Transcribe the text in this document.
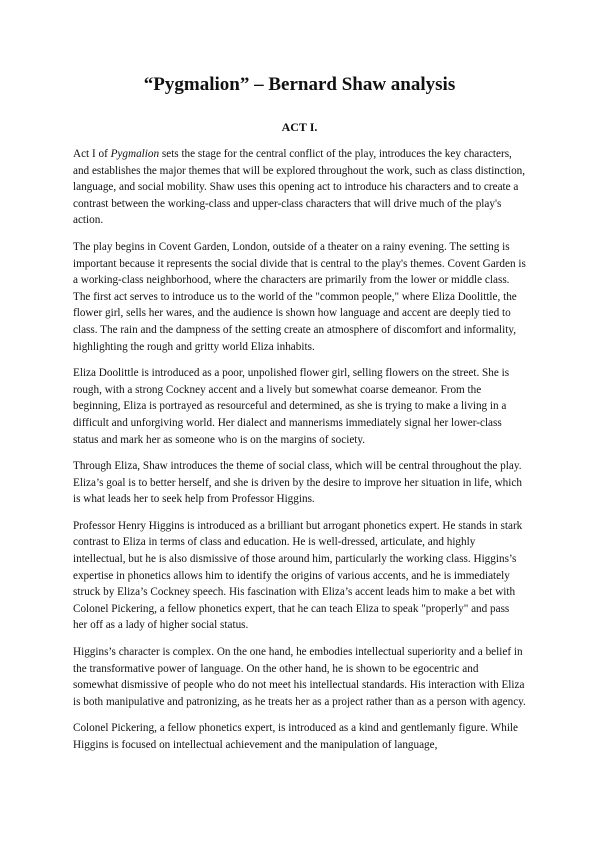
“Pygmalion” – Bernard Shaw analysis
ACT I.

Act I of Pygmalion sets the stage for the central conflict of the play, introduces the key characters, and establishes the major themes that will be explored throughout the work, such as class distinction, language, and social mobility. Shaw uses this opening act to introduce his characters and to create a contrast between the working-class and upper-class characters that will drive much of the play's action.

The play begins in Covent Garden, London, outside of a theater on a rainy evening. The setting is important because it represents the social divide that is central to the play's themes. Covent Garden is a working-class neighborhood, where the characters are primarily from the lower or middle class. The first act serves to introduce us to the world of the "common people," where Eliza Doolittle, the flower girl, sells her wares, and the audience is shown how language and accent are deeply tied to class. The rain and the dampness of the setting create an atmosphere of discomfort and informality, highlighting the rough and gritty world Eliza inhabits.

Eliza Doolittle is introduced as a poor, unpolished flower girl, selling flowers on the street. She is rough, with a strong Cockney accent and a lively but somewhat coarse demeanor. From the beginning, Eliza is portrayed as resourceful and determined, as she is trying to make a living in a difficult and unforgiving world. Her dialect and mannerisms immediately signal her lower-class status and mark her as someone who is on the margins of society.

Through Eliza, Shaw introduces the theme of social class, which will be central throughout the play. Eliza’s goal is to better herself, and she is driven by the desire to improve her situation in life, which is what leads her to seek help from Professor Higgins.

Professor Henry Higgins is introduced as a brilliant but arrogant phonetics expert. He stands in stark contrast to Eliza in terms of class and education. He is well-dressed, articulate, and highly intellectual, but he is also dismissive of those around him, particularly the working class. Higgins’s expertise in phonetics allows him to identify the origins of various accents, and he is immediately struck by Eliza’s Cockney speech. His fascination with Eliza’s accent leads him to make a bet with Colonel Pickering, a fellow phonetics expert, that he can teach Eliza to speak "properly" and pass her off as a lady of higher social status.

Higgins’s character is complex. On the one hand, he embodies intellectual superiority and a belief in the transformative power of language. On the other hand, he is shown to be egocentric and somewhat dismissive of people who do not meet his intellectual standards. His interaction with Eliza is both manipulative and patronizing, as he treats her as a project rather than as a person with agency.

Colonel Pickering, a fellow phonetics expert, is introduced as a kind and gentlemanly figure. While Higgins is focused on intellectual achievement and the manipulation of language,
